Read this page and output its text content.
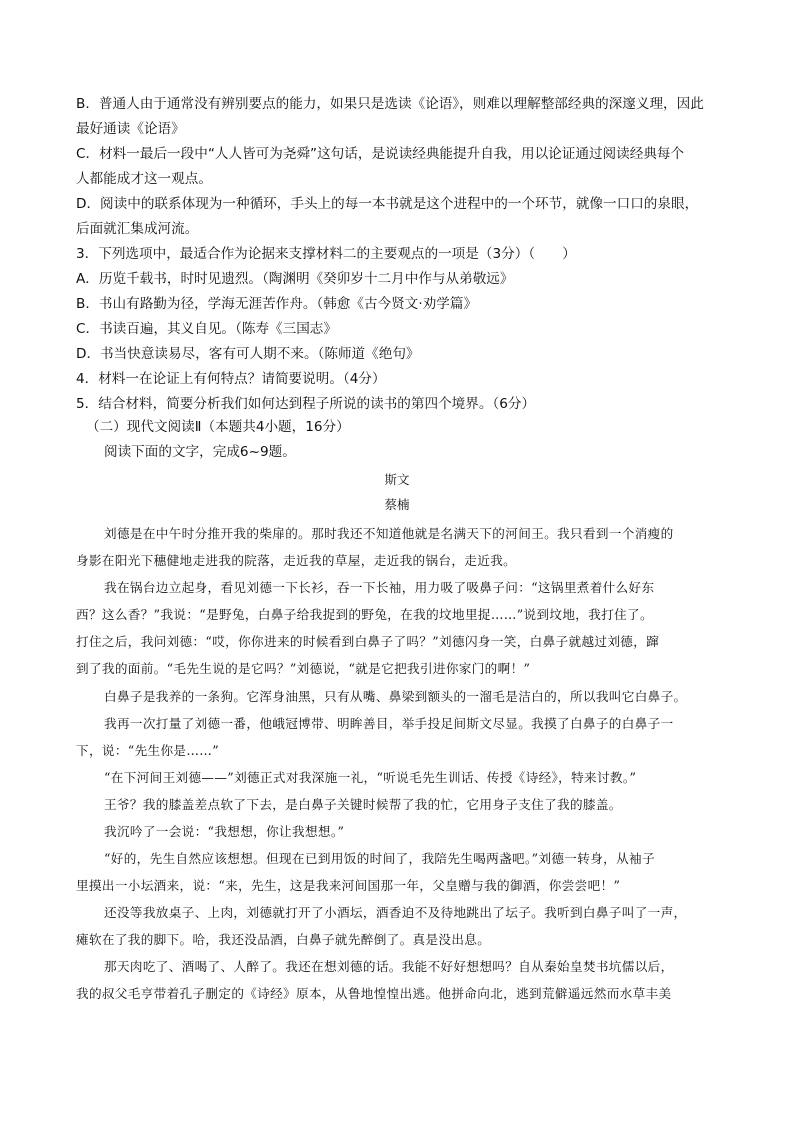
B．普通人由于通常没有辨别要点的能力，如果只是选读《论语》，则难以理解整部经典的深邃义理，因此
最好通读《论语》
C．材料一最后一段中“人人皆可为尧舜”这句话，是说读经典能提升自我，用以论证通过阅读经典每个
人都能成才这一观点。
D．阅读中的联系体现为一种循环，手头上的每一本书就是这个进程中的一个环节，就像一口口的泉眼，
后面就汇集成河流。
3．下列选项中，最适合作为论据来支撑材料二的主要观点的一项是（3分）（　　）
A．历览千载书，时时见遗烈。（陶渊明《癸卯岁十二月中作与从弟敬远》
B．书山有路勤为径，学海无涯苦作舟。（韩愈《古今贤文·劝学篇》
C．书读百遍，其义自见。（陈寿《三国志》
D．书当快意读易尽，客有可人期不来。（陈师道《绝句》
4．材料一在论证上有何特点？请简要说明。（4分）
5．结合材料，简要分析我们如何达到程子所说的读书的第四个境界。（6分）
（二）现代文阅读Ⅱ（本题共4小题，16分）
阅读下面的文字，完成6~9题。
斯文
蔡楠
刘德是在中午时分推开我的柴扉的。那时我还不知道他就是名满天下的河间王。我只看到一个消瘦的
身影在阳光下穗健地走进我的院落，走近我的草屋，走近我的锅台，走近我。
我在锅台边立起身，看见刘德一下长衫，吞一下长袖，用力吸了吸鼻子问：“这锅里煮着什么好东
西？这么香？”我说：“是野兔，白鼻子给我捉到的野兔，在我的坟地里捉……”说到坟地，我打住了。
打住之后，我问刘德：“哎，你你进来的时候看到白鼻子了吗？”刘德闪身一笑，白鼻子就越过刘德，蹿
到了我的面前。“毛先生说的是它吗？”刘德说，“就是它把我引进你家门的啊！”
白鼻子是我养的一条狗。它浑身油黑，只有从嘴、鼻梁到额头的一溜毛是洁白的，所以我叫它白鼻子。
我再一次打量了刘德一番，他峨冠博带、明眸善目，举手投足间斯文尽显。我摸了白鼻子的白鼻子一
下，说：“先生你是……”
“在下河间王刘德——”刘德正式对我深施一礼，“听说毛先生训话、传授《诗经》，特来讨教。”
王爷？我的膝盖差点软了下去，是白鼻子关键时候帮了我的忙，它用身子支住了我的膝盖。
我沉吟了一会说：“我想想，你让我想想。”
“好的，先生自然应该想想。但现在已到用饭的时间了，我陪先生喝两盏吧。”刘德一转身，从袖子
里摸出一小坛酒来，说：“来，先生，这是我来河间国那一年，父皇赠与我的御酒，你尝尝吧！”
还没等我放桌子、上肉，刘德就打开了小酒坛，酒香迫不及待地跳出了坛子。我听到白鼻子叫了一声，
瘫软在了我的脚下。哈，我还没品酒，白鼻子就先醉倒了。真是没出息。
那天肉吃了、酒喝了、人醉了。我还在想刘德的话。我能不好好想想吗？自从秦始皇焚书坑儒以后，
我的叔父毛亨带着孔子删定的《诗经》原本，从鲁地惶惶出逃。他拼命向北，逃到荒僻遥远然而水草丰美
